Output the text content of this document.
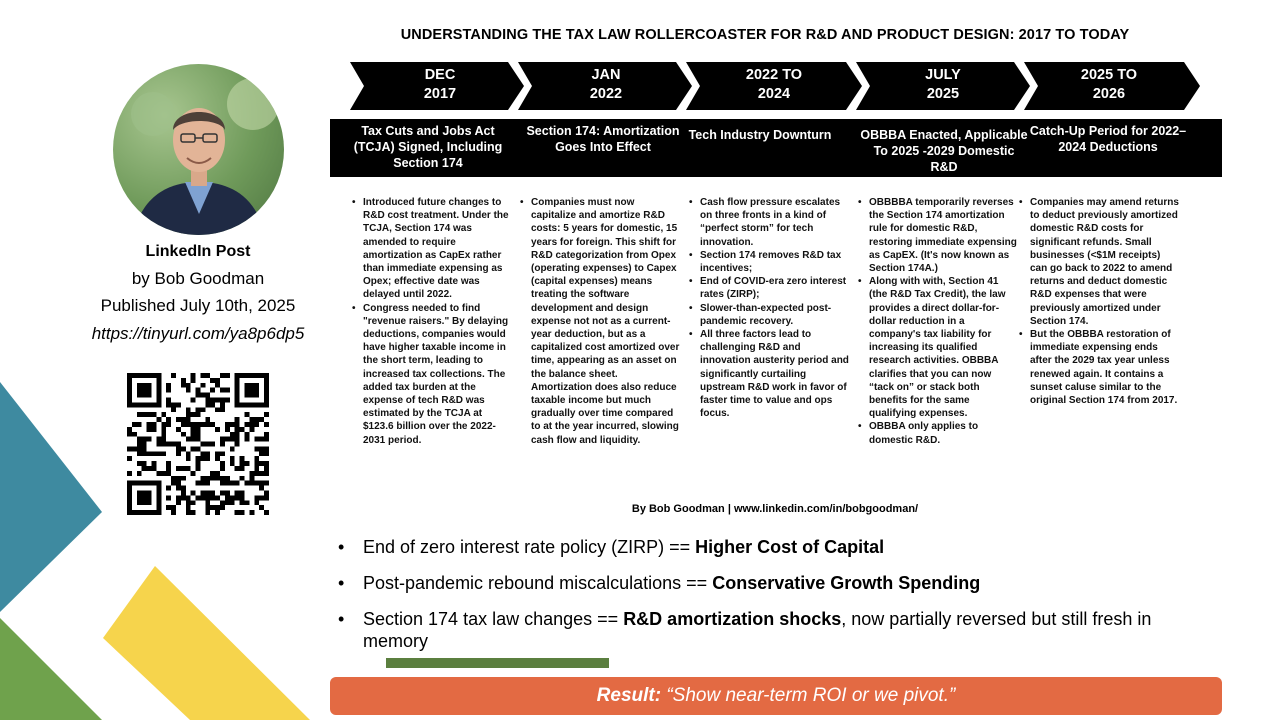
LinkedIn Post
by Bob Goodman
Published July 10th, 2025
https://tinyurl.com/ya8p6dp5
UNDERSTANDING THE TAX LAW ROLLERCOASTER FOR R&D AND PRODUCT DESIGN: 2017 TO TODAY
DEC
2017
JAN
2022
2022 TO
2024
JULY
2025
2025 TO
2026
Tax Cuts and Jobs Act (TCJA) Signed, Including Section 174
Section 174: Amortization Goes Into Effect
Tech Industry Downturn	OBBBA Enacted, Applicable To 2025 -2029 Domestic R&D
Catch-Up Period for 2022–2024 Deductions
• Introduced future changes to R&D cost treatment. Under the TCJA, Section 174 was amended to require amortization as CapEx rather than immediate expensing as Opex; effective date was delayed until 2022.
• Congress needed to find "revenue raisers." By delaying deductions, companies would have higher taxable income in the short term, leading to increased tax collections. The added tax burden at the expense of tech R&D was estimated by the TCJA at $123.6 billion over the 2022-2031 period.
• Companies must now capitalize and amortize R&D costs: 5 years for domestic, 15 years for foreign. This shift for R&D categorization from Opex (operating expenses) to Capex (capital expenses) means treating the software development and design expense not not as a current-year deduction, but as a capitalized cost amortized over time, appearing as an asset on the balance sheet. Amortization does also reduce taxable income but much gradually over time compared to at the year incurred, slowing cash flow and liquidity.
• Cash flow pressure escalates on three fronts in a kind of “perfect storm” for tech innovation.
• Section 174 removes R&D tax incentives;
• End of COVID-era zero interest rates (ZIRP);
• Slower-than-expected post-pandemic recovery.
• All three factors lead to challenging R&D and innovation austerity period and significantly curtailing upstream R&D work in favor of faster time to value and ops focus.
• OBBBBA temporarily reverses the Section 174 amortization rule for domestic R&D, restoring immediate expensing as CapEX. (It's now known as Section 174A.)
• Along with with, Section 41 (the R&D Tax Credit), the law provides a direct dollar-for-dollar reduction in a company's tax liability for increasing its qualified research activities. OBBBA clarifies that you can now “tack on” or stack both benefits for the same qualifying expenses.
• OBBBA only applies to domestic R&D.
• Companies may amend returns to deduct previously amortized domestic R&D costs for significant refunds. Small businesses (<$1M receipts) can go back to 2022 to amend returns and deduct domestic R&D expenses that were previously amortized under Section 174.
• But the OBBBA restoration of immediate expensing ends after the 2029 tax year unless renewed again. It contains a sunset caluse similar to the original Section 174 from 2017.
By Bob Goodman | www.linkedin.com/in/bobgoodman/
• End of zero interest rate policy (ZIRP) == Higher Cost of Capital
• Post-pandemic rebound miscalculations == Conservative Growth Spending
• Section 174 tax law changes == R&D amortization shocks, now partially reversed but still fresh in memory
Result: “Show near-term ROI or we pivot.”
